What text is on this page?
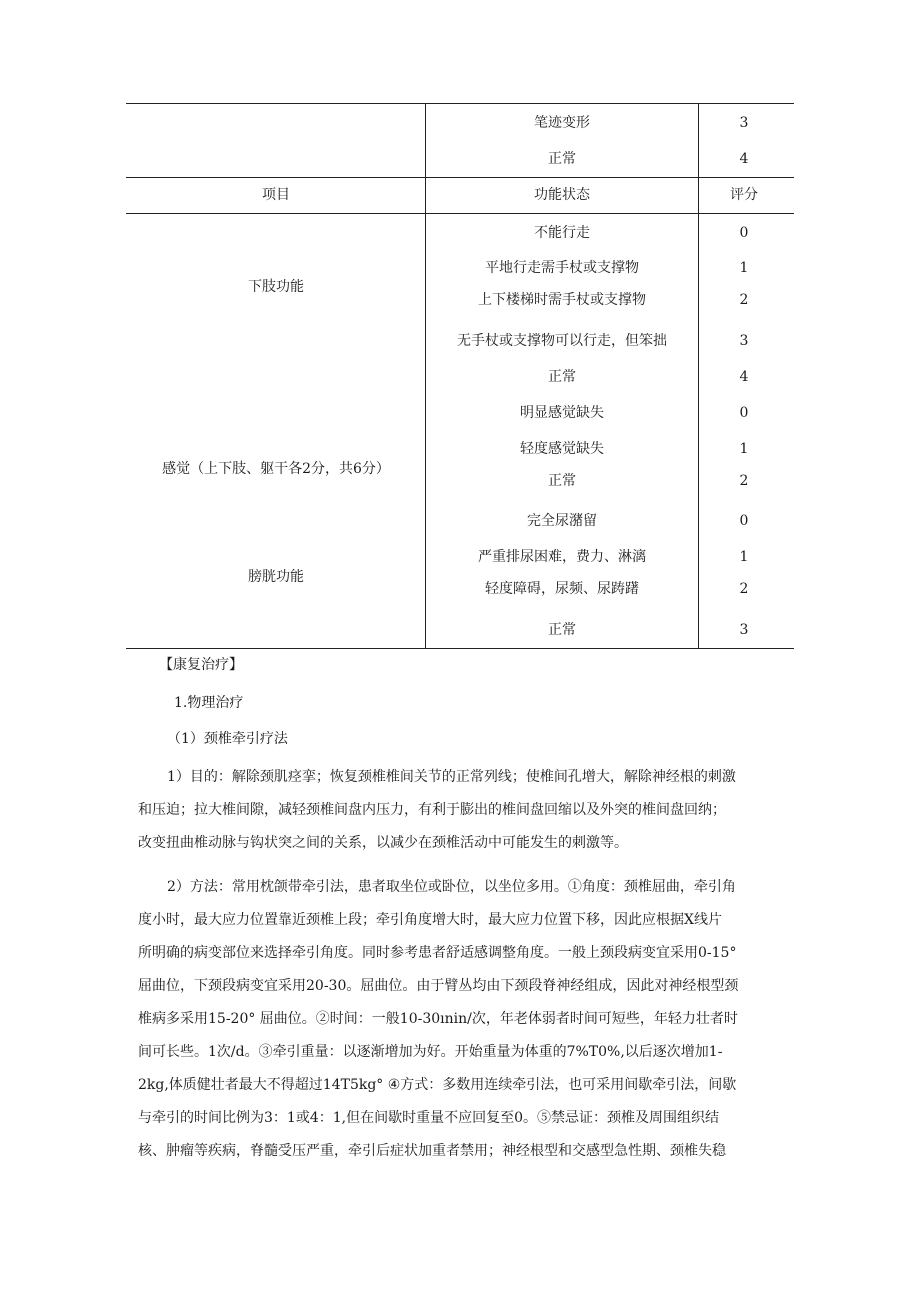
笔迹变形	3
正常	4
项目	功能状态	评分
下肢功能
不能行走	0
平地行走需手杖或支撑物	1
上下楼梯时需手杖或支撑物	2
无手杖或支撑物可以行走，但笨拙	3
正常	4
感觉（上下肢、躯干各2分，共6分）
明显感觉缺失	0
轻度感觉缺失	1
正常	2
膀胱功能
完全尿潴留	0
严重排尿困难，费力、淋漓	1
轻度障碍，尿频、尿踌躇	2
正常	3
【康复治疗】
1.物理治疗
（1）颈椎牵引疗法
1）目的：解除颈肌痉挛；恢复颈椎椎间关节的正常列线；使椎间孔增大，解除神经根的刺激
和压迫；拉大椎间隙，减轻颈椎间盘内压力，有利于膨出的椎间盘回缩以及外突的椎间盘回纳；
改变扭曲椎动脉与钩状突之间的关系，以减少在颈椎活动中可能发生的刺激等。
2）方法：常用枕颌带牵引法，患者取坐位或卧位，以坐位多用。①角度：颈椎屈曲，牵引角
度小时，最大应力位置靠近颈椎上段；牵引角度增大时，最大应力位置下移，因此应根据X线片
所明确的病变部位来选择牵引角度。同时参考患者舒适感调整角度。一般上颈段病变宜采用0-15°
屈曲位，下颈段病变宜采用20-30。屈曲位。由于臂丛均由下颈段脊神经组成，因此对神经根型颈
椎病多采用15-20° 屈曲位。②时间：一般10-30ınin/次，年老体弱者时间可短些，年轻力壮者时
间可长些。1次/d。③牵引重量：以逐渐增加为好。开始重量为体重的7%T0%,以后逐次增加1-
2kg,体质健壮者最大不得超过14T5kg° ④方式：多数用连续牵引法，也可采用间歇牵引法，间歇
与牵引的时间比例为3：1或4：1,但在间歇时重量不应回复至0。⑤禁忌证：颈椎及周围组织结
核、肿瘤等疾病，脊髓受压严重，牵引后症状加重者禁用；神经根型和交感型急性期、颈椎失稳
